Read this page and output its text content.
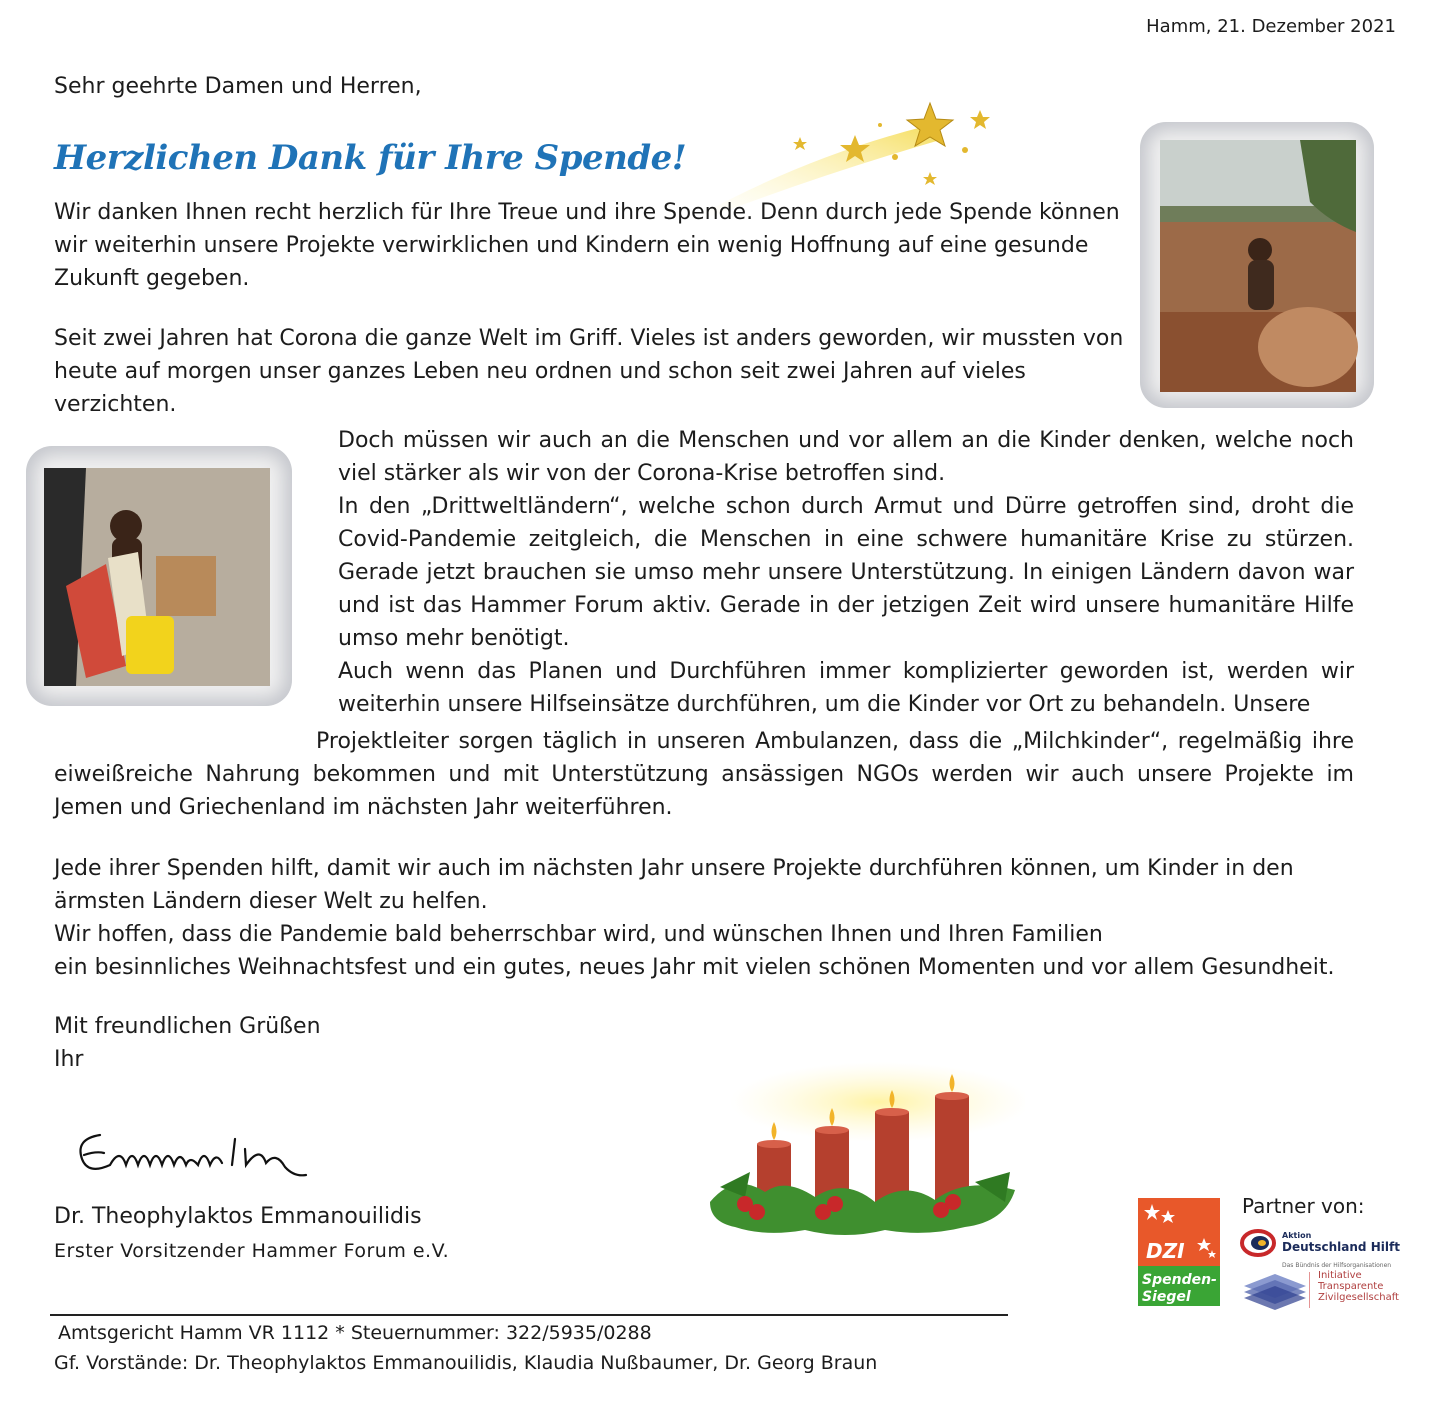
Hamm, 21. Dezember 2021
Sehr geehrte Damen und Herren,
Herzlichen Dank für Ihre Spende!
Wir danken Ihnen recht herzlich für Ihre Treue und ihre Spende. Denn durch jede Spende können wir weiterhin unsere Projekte verwirklichen und Kindern ein wenig Hoffnung auf eine gesunde Zukunft gegeben.
Seit zwei Jahren hat Corona die ganze Welt im Griff. Vieles ist anders geworden, wir mussten von heute auf morgen unser ganzes Leben neu ordnen und schon seit zwei Jahren auf vieles verzichten.
Doch müssen wir auch an die Menschen und vor allem an die Kinder denken, welche noch viel stärker als wir von der Corona-Krise betroffen sind.
In den „Drittweltländern“, welche schon durch Armut und Dürre getroffen sind, droht die Covid-Pandemie zeitgleich, die Menschen in eine schwere humanitäre Krise zu stürzen. Gerade jetzt brauchen sie umso mehr unsere Unterstützung. In einigen Ländern davon war und ist das Hammer Forum aktiv. Gerade in der jetzigen Zeit wird unsere humanitäre Hilfe umso mehr benötigt.
Auch wenn das Planen und Durchführen immer komplizierter geworden ist, werden wir weiterhin unsere Hilfseinsätze durchführen, um die Kinder vor Ort zu behandeln. Unsere
Projektleiter sorgen täglich in unseren Ambulanzen, dass die „Milchkinder“, regelmäßig ihre eiweißreiche Nahrung bekommen und mit Unterstützung ansässigen NGOs werden wir auch unsere Projekte im Jemen und Griechenland im nächsten Jahr weiterführen.
Jede ihrer Spenden hilft, damit wir auch im nächsten Jahr unsere Projekte durchführen können, um Kinder in den ärmsten Ländern dieser Welt zu helfen.
Wir hoffen, dass die Pandemie bald beherrschbar wird, und wünschen Ihnen und Ihren Familien
ein besinnliches Weihnachtsfest und ein gutes, neues Jahr mit vielen schönen Momenten und vor allem Gesundheit.
Mit freundlichen Grüßen
Ihr
Dr. Theophylaktos Emmanouilidis
Erster Vorsitzender Hammer Forum e.V.
Partner von:
DZI
Spenden-
Siegel
Aktion
Deutschland Hilft
Das Bündnis der Hilfsorganisationen
Initiative
Transparente
Zivilgesellschaft
Amtsgericht Hamm VR 1112 * Steuernummer: 322/5935/0288
Gf. Vorstände: Dr. Theophylaktos Emmanouilidis, Klaudia Nußbaumer, Dr. Georg Braun
